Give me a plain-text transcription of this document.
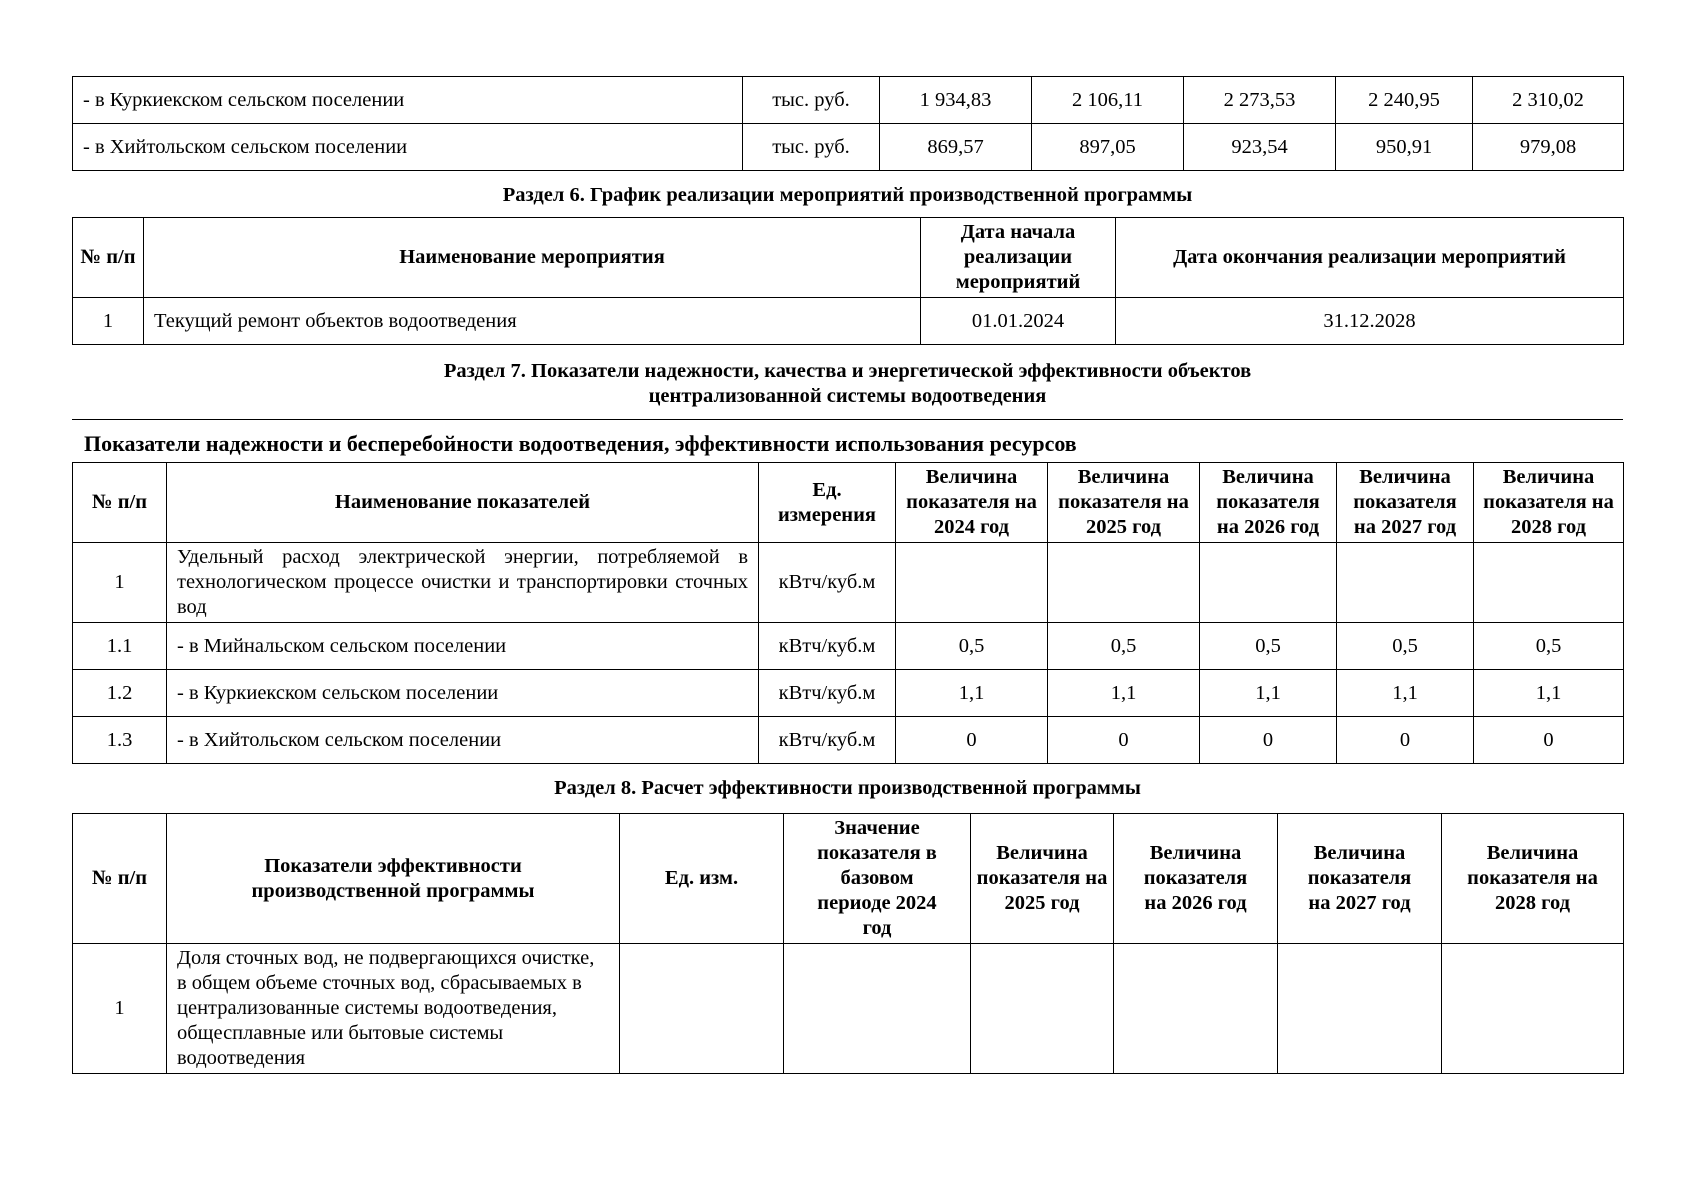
- в Куркиекском сельском поселении	тыс. руб.	1 934,83	2 106,11	2 273,53	2 240,95	2 310,02
- в Хийтольском сельском поселении	тыс. руб.	869,57	897,05	923,54	950,91	979,08
Раздел 6. График реализации мероприятий производственной программы
№ п/п	Наименование мероприятия	Дата начала реализации мероприятий	Дата окончания реализации мероприятий
1	Текущий ремонт объектов водоотведения	01.01.2024	31.12.2028
Раздел 7. Показатели надежности, качества и энергетической эффективности объектов
централизованной системы водоотведения
Показатели надежности и бесперебойности водоотведения, эффективности использования ресурсов
№ п/п	Наименование показателей	Ед. измерения	Величина показателя на 2024 год	Величина показателя на 2025 год	Величина показателя на 2026 год	Величина показателя на 2027 год	Величина показателя на 2028 год
1	Удельный расход электрической энергии, потребляемой в технологическом процессе очистки и транспортировки сточных вод	кВтч/куб.м					
1.1	- в Мийнальском сельском поселении	кВтч/куб.м	0,5	0,5	0,5	0,5	0,5
1.2	- в Куркиекском сельском поселении	кВтч/куб.м	1,1	1,1	1,1	1,1	1,1
1.3	- в Хийтольском сельском поселении	кВтч/куб.м	0	0	0	0	0
Раздел 8. Расчет эффективности производственной программы
№ п/п	Показатели эффективности производственной программы	Ед. изм.	Значение показателя в базовом периоде 2024 год	Величина показателя на 2025 год	Величина показателя на 2026 год	Величина показателя на 2027 год	Величина показателя на 2028 год
1	Доля сточных вод, не подвергающихся очистке, в общем объеме сточных вод, сбрасываемых в централизованные системы водоотведения, общесплавные или бытовые системы водоотведения						
